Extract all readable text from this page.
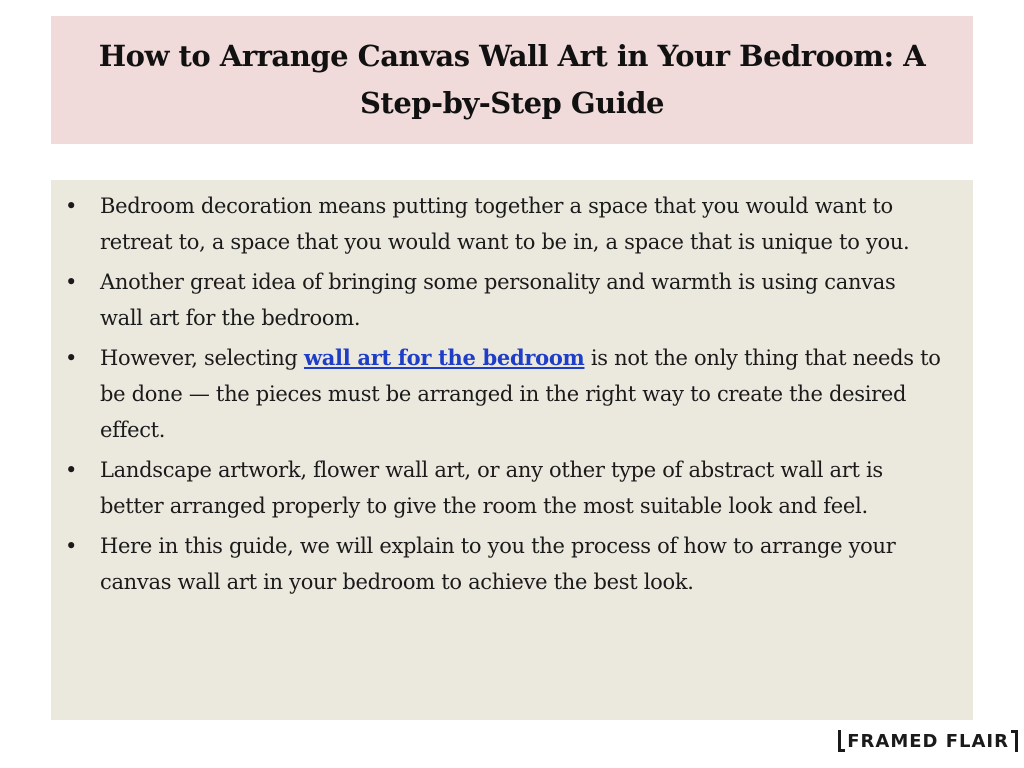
How to Arrange Canvas Wall Art in Your Bedroom: A Step-by-Step Guide
• Bedroom decoration means putting together a space that you would want to retreat to, a space that you would want to be in, a space that is unique to you.
• Another great idea of bringing some personality and warmth is using canvas wall art for the bedroom.
• However, selecting wall art for the bedroom is not the only thing that needs to be done — the pieces must be arranged in the right way to create the desired effect.
• Landscape artwork, flower wall art, or any other type of abstract wall art is better arranged properly to give the room the most suitable look and feel.
• Here in this guide, we will explain to you the process of how to arrange your canvas wall art in your bedroom to achieve the best look.
FRAMED FLAIR
